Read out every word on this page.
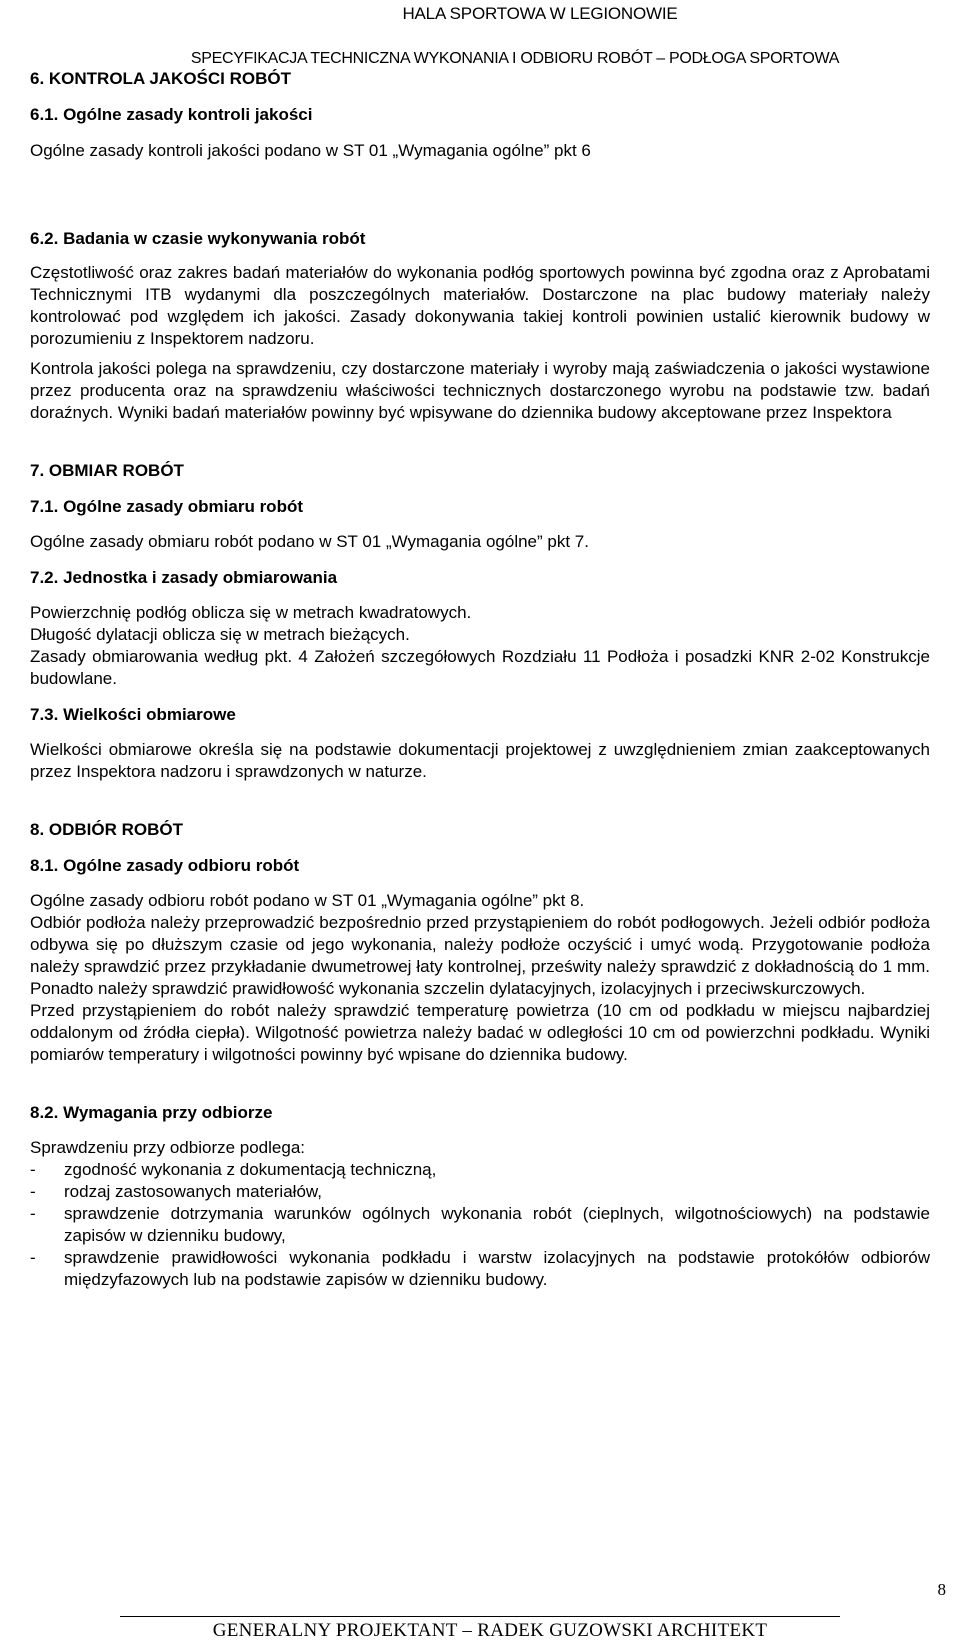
HALA SPORTOWA W LEGIONOWIE
SPECYFIKACJA TECHNICZNA WYKONANIA I ODBIORU ROBÓT – PODŁOGA SPORTOWA
6. KONTROLA JAKOŚCI ROBÓT
6.1. Ogólne zasady kontroli jakości
Ogólne zasady kontroli jakości podano w ST 01 „Wymagania ogólne” pkt 6
6.2. Badania w czasie wykonywania robót
Częstotliwość oraz zakres badań materiałów do wykonania podłóg sportowych powinna być zgodna oraz z Aprobatami Technicznymi ITB wydanymi dla poszczególnych materiałów. Dostarczone na plac budowy materiały należy kontrolować pod względem ich jakości. Zasady dokonywania takiej kontroli powinien ustalić kierownik budowy w porozumieniu z Inspektorem nadzoru.
Kontrola jakości polega na sprawdzeniu, czy dostarczone materiały i wyroby mają zaświadczenia o jakości wystawione przez producenta oraz na sprawdzeniu właściwości technicznych dostarczonego wyrobu na podstawie tzw. badań doraźnych. Wyniki badań materiałów powinny być wpisywane do dziennika budowy akceptowane przez Inspektora
7. OBMIAR ROBÓT
7.1. Ogólne zasady obmiaru robót
Ogólne zasady obmiaru robót podano w ST 01 „Wymagania ogólne” pkt 7.
7.2. Jednostka i zasady obmiarowania
Powierzchnię podłóg oblicza się w metrach kwadratowych.
Długość dylatacji oblicza się w metrach bieżących.
Zasady obmiarowania według pkt. 4 Założeń szczegółowych Rozdziału 11 Podłoża i posadzki KNR 2-02 Konstrukcje budowlane.
7.3. Wielkości obmiarowe
Wielkości obmiarowe określa się na podstawie dokumentacji projektowej z uwzględnieniem zmian zaakceptowanych przez Inspektora nadzoru i sprawdzonych w naturze.
8. ODBIÓR ROBÓT
8.1. Ogólne zasady odbioru robót
Ogólne zasady odbioru robót podano w ST 01 „Wymagania ogólne” pkt 8.
Odbiór podłoża należy przeprowadzić bezpośrednio przed przystąpieniem do robót podłogowych. Jeżeli odbiór podłoża odbywa się po dłuższym czasie od jego wykonania, należy podłoże oczyścić i umyć wodą. Przygotowanie podłoża należy sprawdzić przez przykładanie dwumetrowej łaty kontrolnej, prześwity należy sprawdzić z dokładnością do 1 mm. Ponadto należy sprawdzić prawidłowość wykonania szczelin dylatacyjnych, izolacyjnych i przeciwskurczowych.
Przed przystąpieniem do robót należy sprawdzić temperaturę powietrza (10 cm od podkładu w miejscu najbardziej oddalonym od źródła ciepła). Wilgotność powietrza należy badać w odległości 10 cm od powierzchni podkładu. Wyniki pomiarów temperatury i wilgotności powinny być wpisane do dziennika budowy.
8.2. Wymagania przy odbiorze
Sprawdzeniu przy odbiorze podlega:
-	zgodność wykonania z dokumentacją techniczną,
-	rodzaj zastosowanych materiałów,
-	sprawdzenie dotrzymania warunków ogólnych wykonania robót (cieplnych, wilgotnościowych) na podstawie zapisów w dzienniku budowy,
-	sprawdzenie prawidłowości wykonania podkładu i warstw izolacyjnych na podstawie protokółów odbiorów międzyfazowych lub na podstawie zapisów w dzienniku budowy.
8
GENERALNY PROJEKTANT – RADEK GUZOWSKI ARCHITEKT
